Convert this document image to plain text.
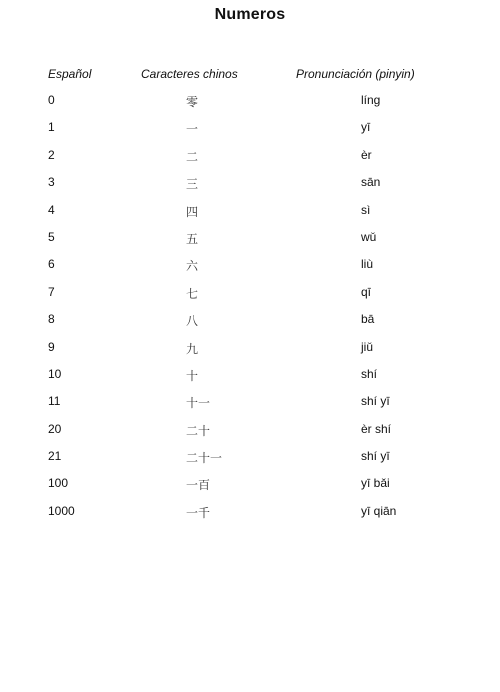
Numeros
Español	Caracteres chinos	Pronunciación (pinyin)
0	零	líng
1	一	yī
2	二	èr
3	三	sān
4	四	sì
5	五	wǔ
6	六	liù
7	七	qī
8	八	bā
9	九	jiǔ
10	十	shí
11	十一	shí yī
20	二十	èr shí
21	二十一	shí yī
100	一百	yī bǎi
1000	一千	yī qiān
